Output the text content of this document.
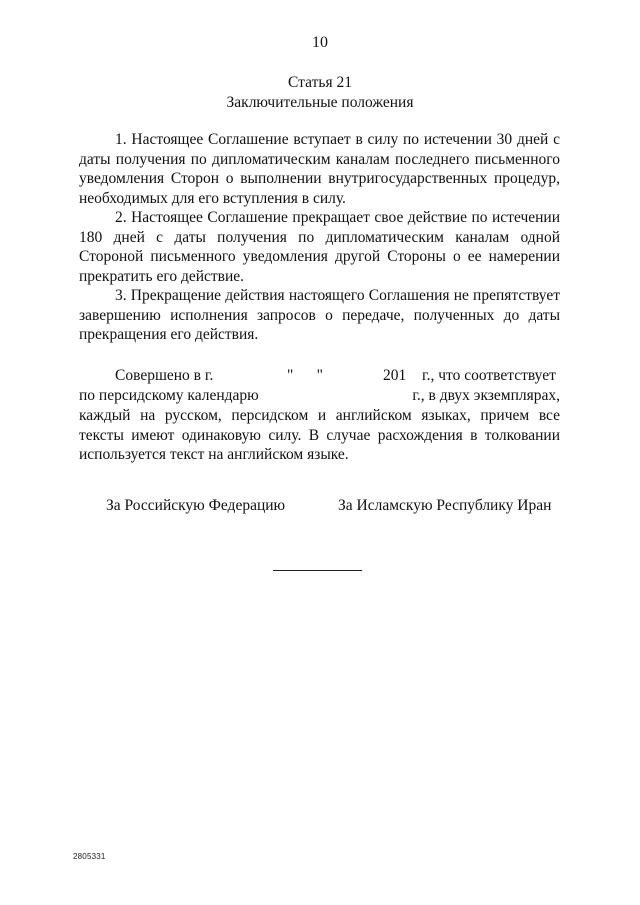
10
Статья 21
Заключительные положения

1. Настоящее Соглашение вступает в силу по истечении 30 дней с даты получения по дипломатическим каналам последнего письменного уведомления Сторон о выполнении внутригосударственных процедур, необходимых для его вступления в силу.

2. Настоящее Соглашение прекращает свое действие по истечении 180 дней с даты получения по дипломатическим каналам одной Стороной письменного уведомления другой Стороны о ее намерении прекратить его действие.

3. Прекращение действия настоящего Соглашения не препятствует завершению исполнения запросов о передаче, полученных до даты прекращения его действия.

Совершено в г.	"      "	201 г., что соответствует
по персидскому календарю	г., в двух экземплярах,

каждый на русском, персидском и английском языках, причем все тексты имеют одинаковую силу. В случае расхождения в толковании используется текст на английском языке.

За Российскую Федерацию	За Исламскую Республику Иран
2805331
